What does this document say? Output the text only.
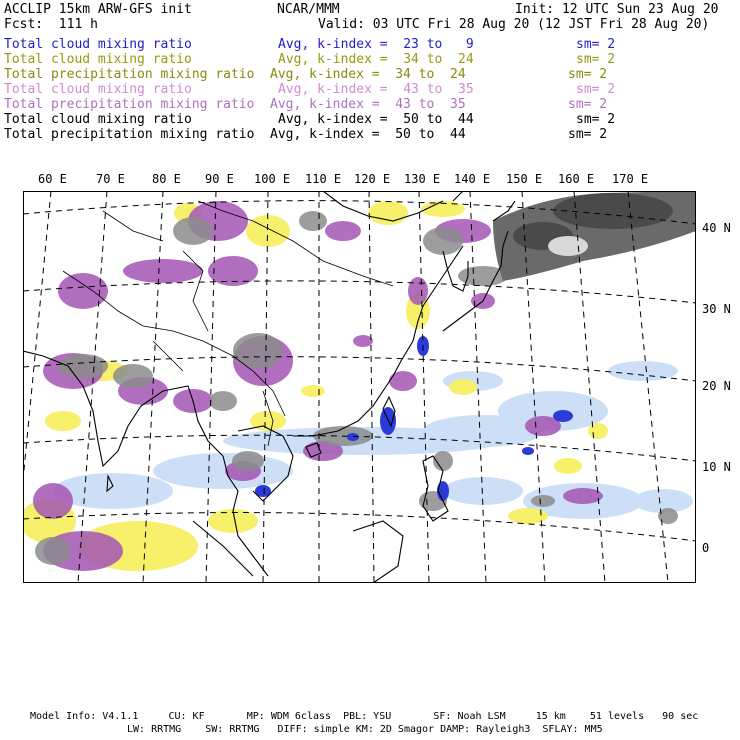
ACCLIP 15km ARW-GFS init	NCAR/MMM	Init: 12 UTC Sun 23 Aug 20
Fcst:  111 h	Valid: 03 UTC Fri 28 Aug 20 (12 JST Fri 28 Aug 20)
Total cloud mixing ratio	Avg, k-index =  23 to   9	sm= 2
Total cloud mixing ratio	Avg, k-index =  34 to  24	sm= 2
Total precipitation mixing ratio Avg, k-index =  34 to  24	sm= 2
Total cloud mixing ratio	Avg, k-index =  43 to  35	sm= 2
Total precipitation mixing ratio Avg, k-index =  43 to  35	sm= 2
Total cloud mixing ratio	Avg, k-index =  50 to  44	sm= 2
Total precipitation mixing ratio Avg, k-index =  50 to  44	sm= 2
60 E 70 E 80 E 90 E 100 E 110 E 120 E 130 E 140 E 150 E 160 E 170 E
40 N
30 N
20 N
10 N
0
Model Info: V4.1.1     CU: KF       MP: WDM 6class  PBL: YSU       SF: Noah LSM     15 km    51 levels   90 sec
LW: RRTMG    SW: RRTMG   DIFF: simple KM: 2D Smagor DAMP: Rayleigh3  SFLAY: MM5
